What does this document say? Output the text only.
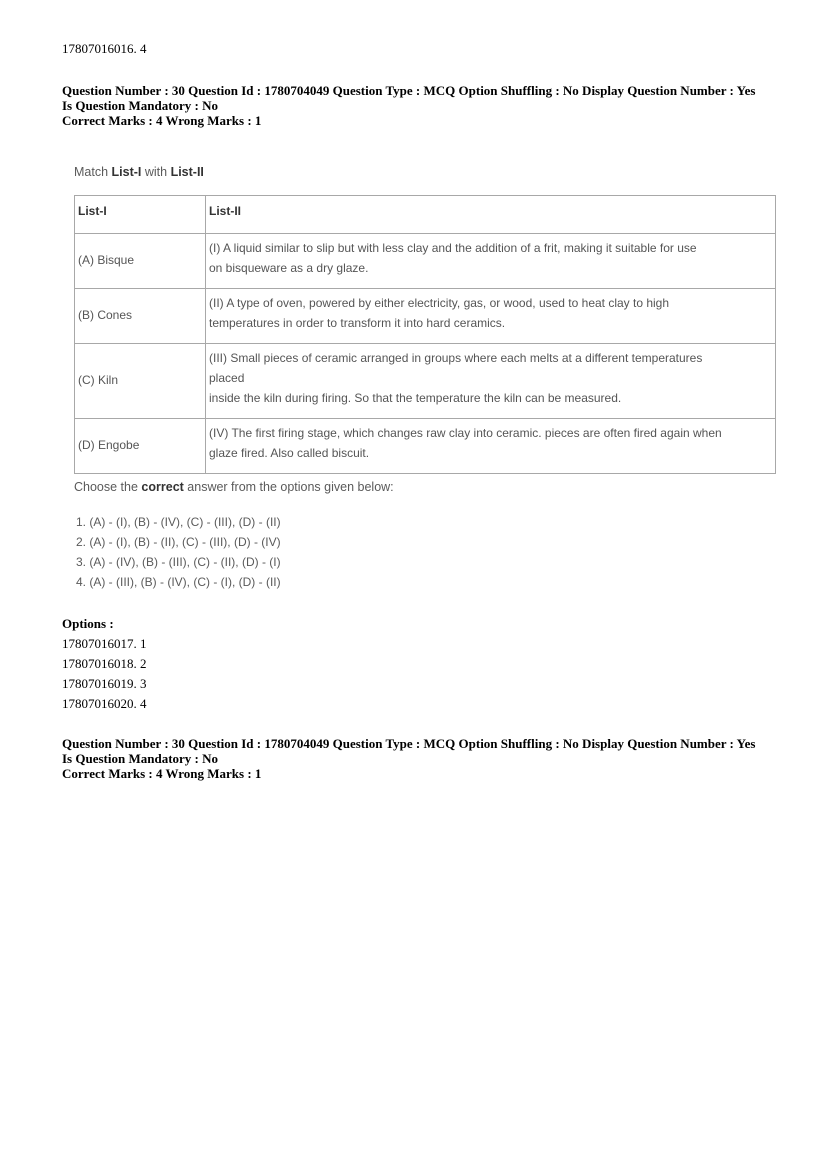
17807016016. 4
Question Number : 30 Question Id : 1780704049 Question Type : MCQ Option Shuffling : No Display Question Number : Yes
Is Question Mandatory : No
Correct Marks : 4 Wrong Marks : 1
Match List-I with List-II
List-I	List-II
(A) Bisque	(I) A liquid similar to slip but with less clay and the addition of a frit, making it suitable for use
on bisqueware as a dry glaze.

(B) Cones	(II) A type of oven, powered by either electricity, gas, or wood, used to heat clay to high
temperatures in order to transform it into hard ceramics.

(C) Kiln	(III) Small pieces of ceramic arranged in groups where each melts at a different temperatures
placed
inside the kiln during firing. So that the temperature the kiln can be measured.

(D) Engobe	(IV) The first firing stage, which changes raw clay into ceramic. pieces are often fired again when
glaze fired. Also called biscuit.
Choose the correct answer from the options given below:
1. (A) - (I), (B) - (IV), (C) - (III), (D) - (II)
2. (A) - (I), (B) - (II), (C) - (III), (D) - (IV)
3. (A) - (IV), (B) - (III), (C) - (II), (D) - (I)
4. (A) - (III), (B) - (IV), (C) - (I), (D) - (II)
Options :
17807016017. 1
17807016018. 2
17807016019. 3
17807016020. 4
Question Number : 30 Question Id : 1780704049 Question Type : MCQ Option Shuffling : No Display Question Number : Yes
Is Question Mandatory : No
Correct Marks : 4 Wrong Marks : 1
